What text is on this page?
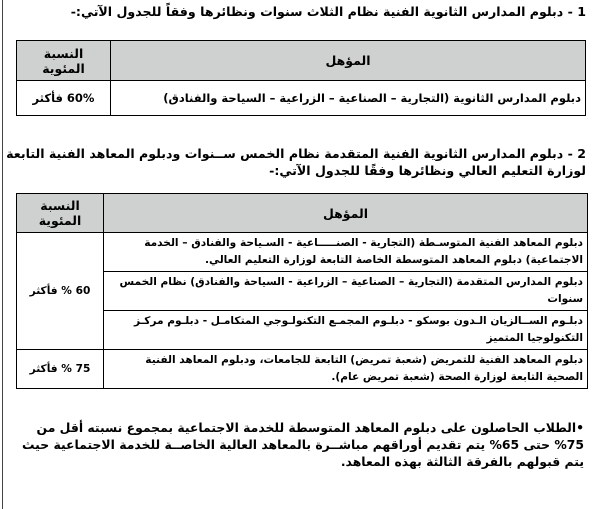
1 - دبلوم المدارس الثانوية الفنية نظام الثلاث سنوات ونظائرها وفقاً للجدول الآتي:-
المؤهل	النسبة المئوية
دبلوم المدارس الثانوية (التجارية – الصناعية – الزراعية – السياحة والفنادق)	60% فأكثر
2 - دبلوم المدارس الثانوية الفنية المتقدمة نظام الخمس ســنوات ودبلوم المعاهد الفنية التابعة
لوزارة التعليم العالي ونظائرها وفقًا للجدول الآتي:-
المؤهل	النسبة المئوية
دبلوم المعاهد الفنية المتوسـطة (التجارية - الصنـــــاعية - السـياحة والفنادق – الخدمة الاجتماعية) دبلوم المعاهد المتوسطة الخاصة التابعة لوزارة التعليم العالي.	60 % فأكثر
دبلوم المدارس المتقدمة (التجارية – الصناعية – الزراعية - السياحة والفنادق) نظام الخمس سنوات	
دبلـوم الســالزيان الـدون بوسكو - دبلـوم المجمـع التكنولـوجي المتكامـل - دبلـوم مركـز التكنولوجيا المتميز	
دبلوم المعاهد الفنية للتمريض (شعبة تمريض) التابعة للجامعات، ودبلوم المعاهد الفنية الصحية التابعة لوزارة الصحة (شعبة تمريض عام).	75 % فأكثر
•الطلاب الحاصلون على دبلوم المعاهد المتوسطة للخدمة الاجتماعية بمجموع نسبته أقل من 75% حتى 65% يتم تقديم أوراقهم مباشــرة بالمعاهد العالية الخاصــة للخدمة الاجتماعية حيث يتم قبولهم بالفرقة الثالثة بهذه المعاهد.
